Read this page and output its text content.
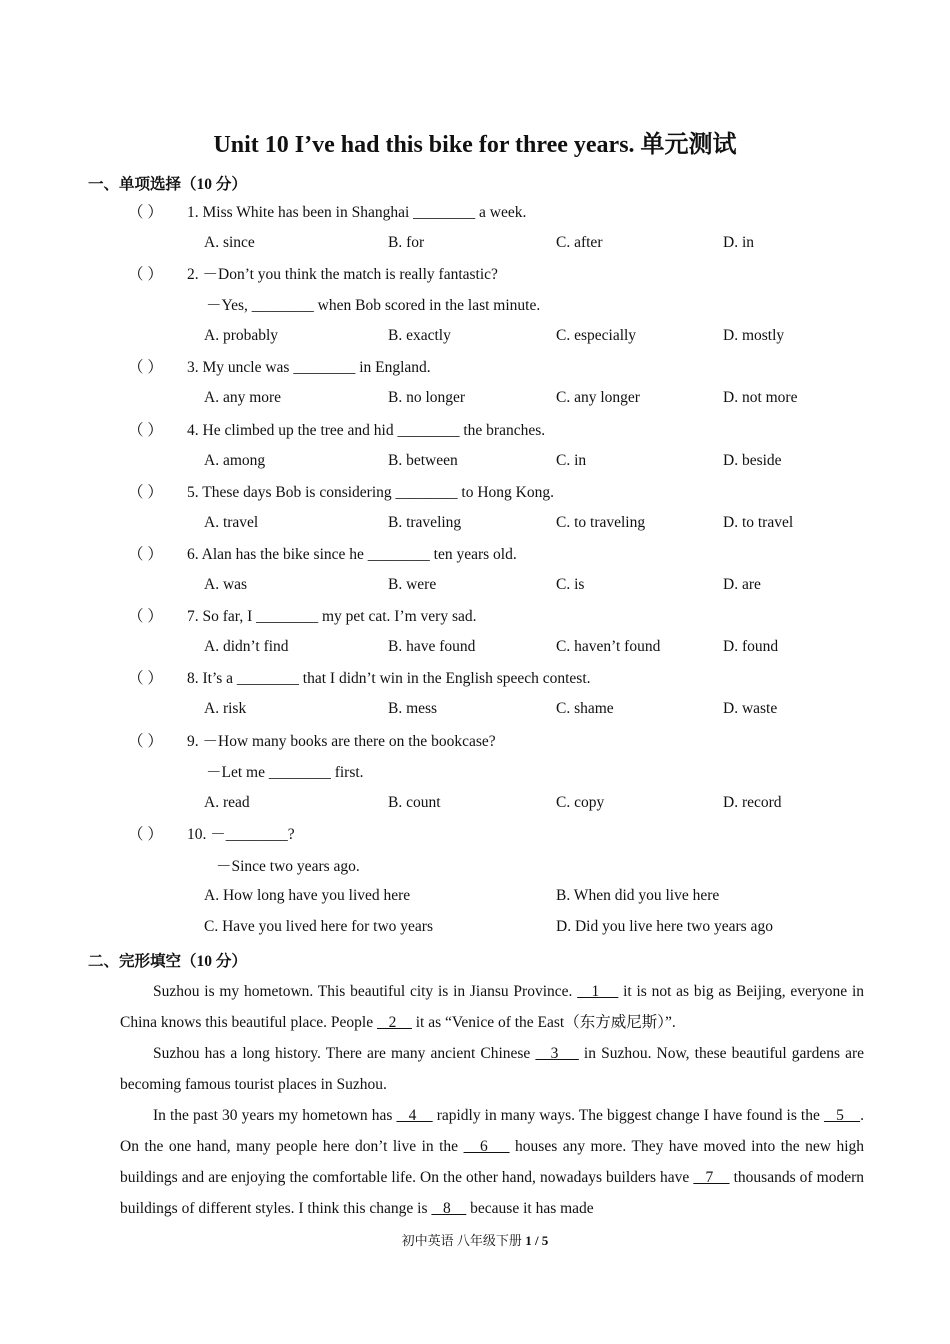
Unit 10 I’ve had this bike for three years. 单元测试
一、单项选择（10 分）
（ ） 1. Miss White has been in Shanghai ________ a week.
A. since	B. for	C. after	D. in
（ ） 2. －Don’t you think the match is really fantastic?
－Yes, ________ when Bob scored in the last minute.
A. probably	B. exactly	C. especially	D. mostly
（ ） 3. My uncle was ________ in England.
A. any more	B. no longer	C. any longer	D. not more
（ ） 4. He climbed up the tree and hid ________ the branches.
A. among	B. between	C. in	D. beside
（ ） 5. These days Bob is considering ________ to Hong Kong.
A. travel	B. traveling	C. to traveling	D. to travel
（ ） 6. Alan has the bike since he ________ ten years old.
A. was	B. were	C. is	D. are
（ ） 7. So far, I ________ my pet cat. I’m very sad.
A. didn’t find	B. have found	C. haven’t found	D. found
（ ） 8. It’s a ________ that I didn’t win in the English speech contest.
A. risk	B. mess	C. shame	D. waste
（ ） 9. －How many books are there on the bookcase?
－Let me ________ first.
A. read	B. count	C. copy	D. record
（ ） 10. －________?
－Since two years ago.
A. How long have you lived here	B. When did you live here
C. Have you lived here for two years	D. Did you live here two years ago
二、完形填空（10 分）

Suzhou is my hometown. This beautiful city is in Jiansu Province.    1     it is not as big as Beijing, everyone in China knows this beautiful place. People    2     it as “Venice of the East（东方威尼斯）”.

Suzhou has a long history. There are many ancient Chinese    3     in Suzhou. Now, these beautiful gardens are becoming famous tourist places in Suzhou.

In the past 30 years my hometown has    4     rapidly in many ways. The biggest change I have found is the    5    . On the one hand, many people here don’t live in the    6     houses any more. They have moved into the new high buildings and are enjoying the comfortable life. On the other hand, nowadays builders have    7     thousands of modern buildings of different styles. I think this change is    8     because it has made

初中英语 八年级下册 1 / 5
